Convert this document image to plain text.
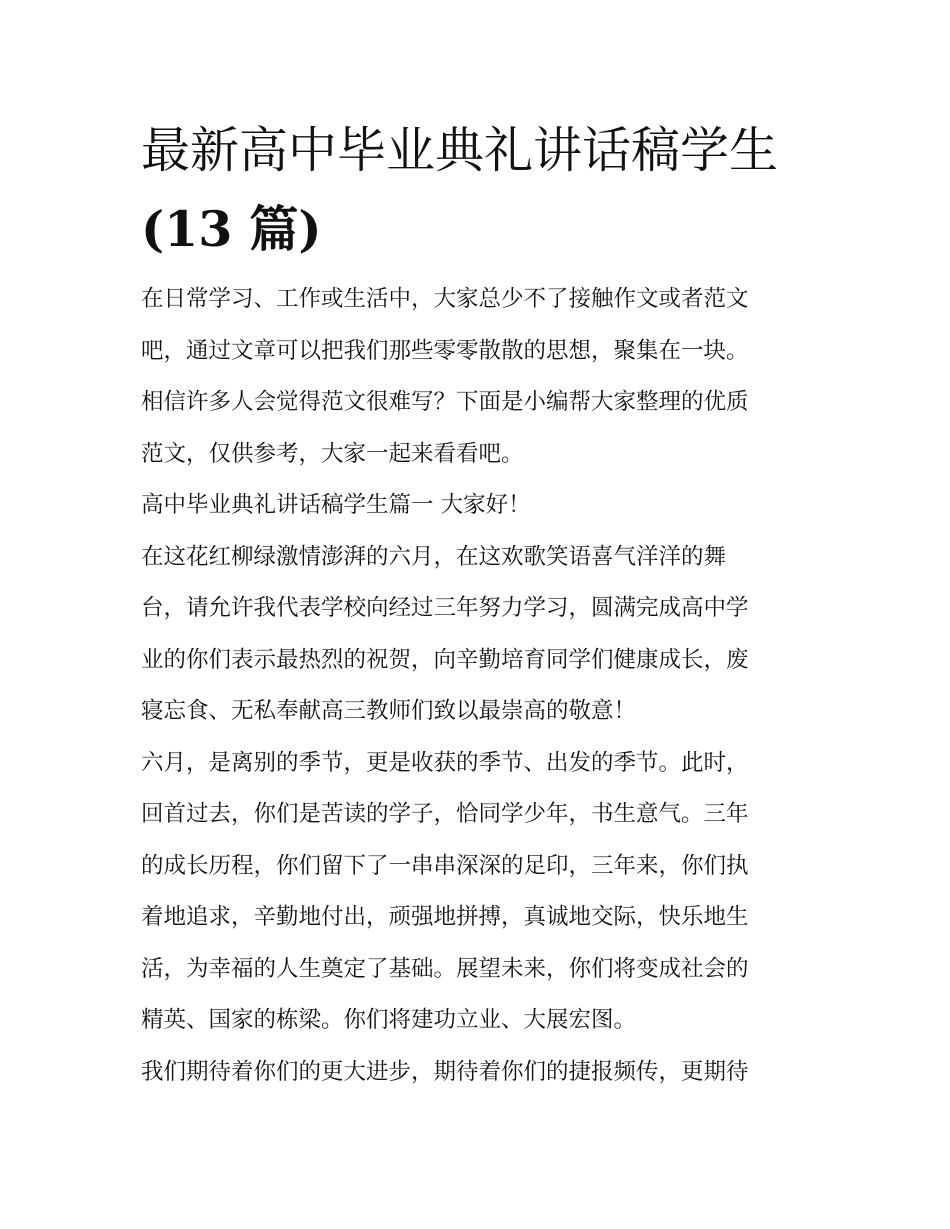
最新高中毕业典礼讲话稿学生
(13 篇)

在日常学习、工作或生活中，大家总少不了接触作文或者范文

吧，通过文章可以把我们那些零零散散的思想，聚集在一块。

相信许多人会觉得范文很难写？下面是小编帮大家整理的优质

范文，仅供参考，大家一起来看看吧。

高中毕业典礼讲话稿学生篇一 大家好！

在这花红柳绿激情澎湃的六月，在这欢歌笑语喜气洋洋的舞

台，请允许我代表学校向经过三年努力学习，圆满完成高中学

业的你们表示最热烈的祝贺，向辛勤培育同学们健康成长，废

寝忘食、无私奉献高三教师们致以最崇高的敬意！

六月，是离别的季节，更是收获的季节、出发的季节。此时，

回首过去，你们是苦读的学子，恰同学少年，书生意气。三年

的成长历程，你们留下了一串串深深的足印，三年来，你们执

着地追求，辛勤地付出，顽强地拼搏，真诚地交际，快乐地生

活，为幸福的人生奠定了基础。展望未来，你们将变成社会的

精英、国家的栋梁。你们将建功立业、大展宏图。

我们期待着你们的更大进步，期待着你们的捷报频传，更期待
